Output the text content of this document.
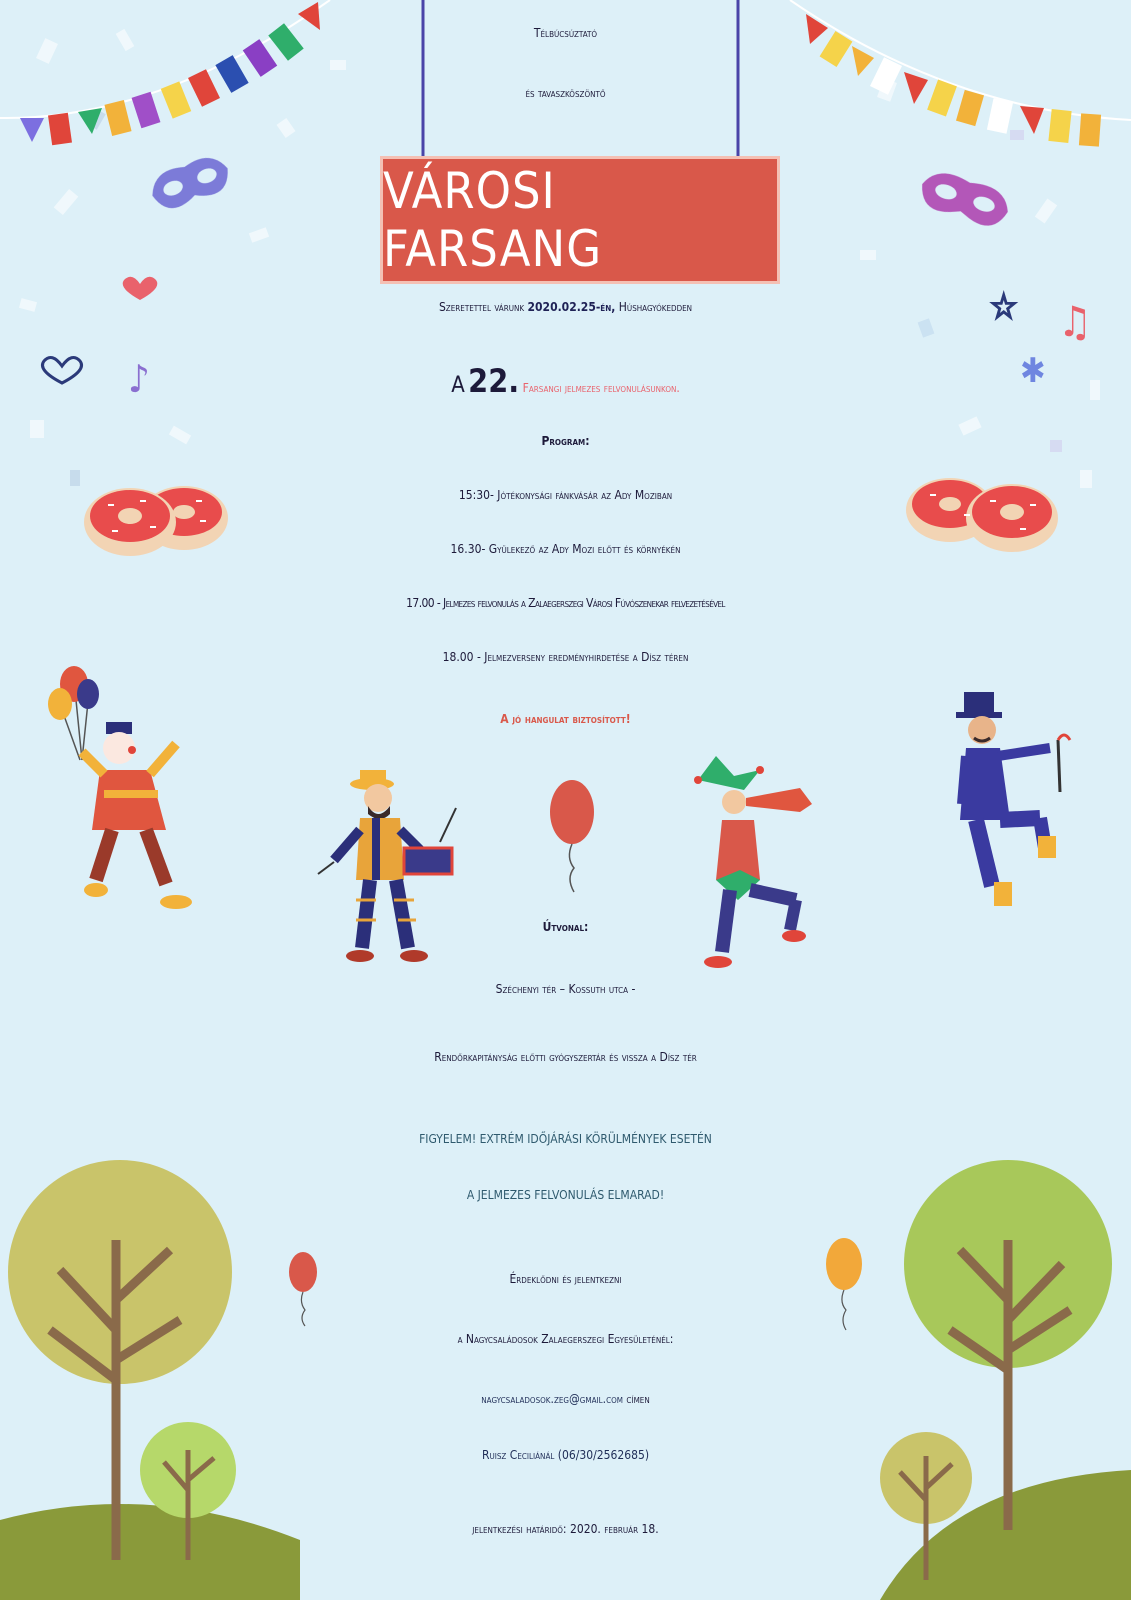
♪
♫
☆
✱
Télbúcsúztató
és tavaszköszöntő
VÁROSI FARSANG
Szeretettel várunk 2020.02.25-én, Húshagyókedden
a 22. Farsangi jelmezes felvonulásunkon.
Program:
15:30- Jótékonysági fánkvásár az Ady Moziban
16.30- Gyülekező az Ady Mozi előtt és környékén
17.00 - Jelmezes felvonulás a Zalaegerszegi Városi Fúvószenekar felvezetésével
18.00 - Jelmezverseny eredményhirdetése a Dísz téren
A jó hangulat biztosított!
Útvonal:
Széchenyi tér – Kossuth utca -
Rendőrkapitányság előtti gyógyszertár és vissza a Dísz tér
FIGYELEM! EXTRÉM IDŐJÁRÁSI KÖRÜLMÉNYEK ESETÉN
A JELMEZES FELVONULÁS ELMARAD!
Érdeklődni és jelentkezni
a Nagycsaládosok Zalaegerszegi Egyesületénél:
nagycsaladosok.zeg@gmail.com címen
Ruisz Ceciliánál (06/30/2562685)
jelentkezési határidő: 2020. február 18.
